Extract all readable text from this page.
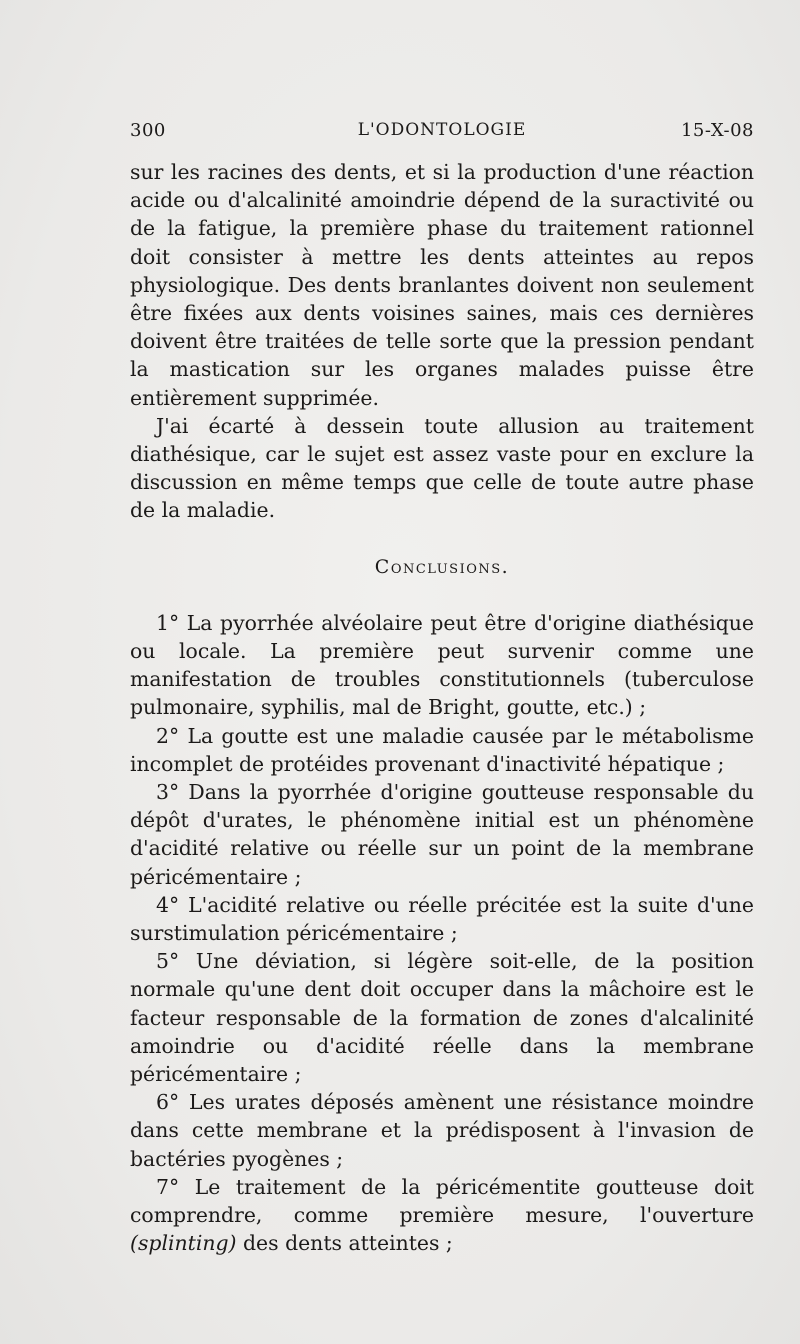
300	L'ODONTOLOGIE	15-X-08

sur les racines des dents, et si la production d'une réaction acide ou d'alcalinité amoindrie dépend de la suractivité ou de la fatigue, la première phase du traitement rationnel doit consister à mettre les dents atteintes au repos physiologique. Des dents branlantes doivent non seulement être fixées aux dents voisines saines, mais ces dernières doivent être traitées de telle sorte que la pression pendant la mastication sur les organes malades puisse être entièrement supprimée.

J'ai écarté à dessein toute allusion au traitement diathésique, car le sujet est assez vaste pour en exclure la discussion en même temps que celle de toute autre phase de la maladie.

Conclusions.

1° La pyorrhée alvéolaire peut être d'origine diathésique ou locale. La première peut survenir comme une manifestation de troubles constitutionnels (tuberculose pulmonaire, syphilis, mal de Bright, goutte, etc.) ;

2° La goutte est une maladie causée par le métabolisme incomplet de protéides provenant d'inactivité hépatique ;

3° Dans la pyorrhée d'origine goutteuse responsable du dépôt d'urates, le phénomène initial est un phénomène d'acidité relative ou réelle sur un point de la membrane péricémentaire ;

4° L'acidité relative ou réelle précitée est la suite d'une surstimulation péricémentaire ;

5° Une déviation, si légère soit-elle, de la position normale qu'une dent doit occuper dans la mâchoire est le facteur responsable de la formation de zones d'alcalinité amoindrie ou d'acidité réelle dans la membrane péricémentaire ;

6° Les urates déposés amènent une résistance moindre dans cette membrane et la prédisposent à l'invasion de bactéries pyogènes ;

7° Le traitement de la péricémentite goutteuse doit comprendre, comme première mesure, l'ouverture (splinting) des dents atteintes ;
